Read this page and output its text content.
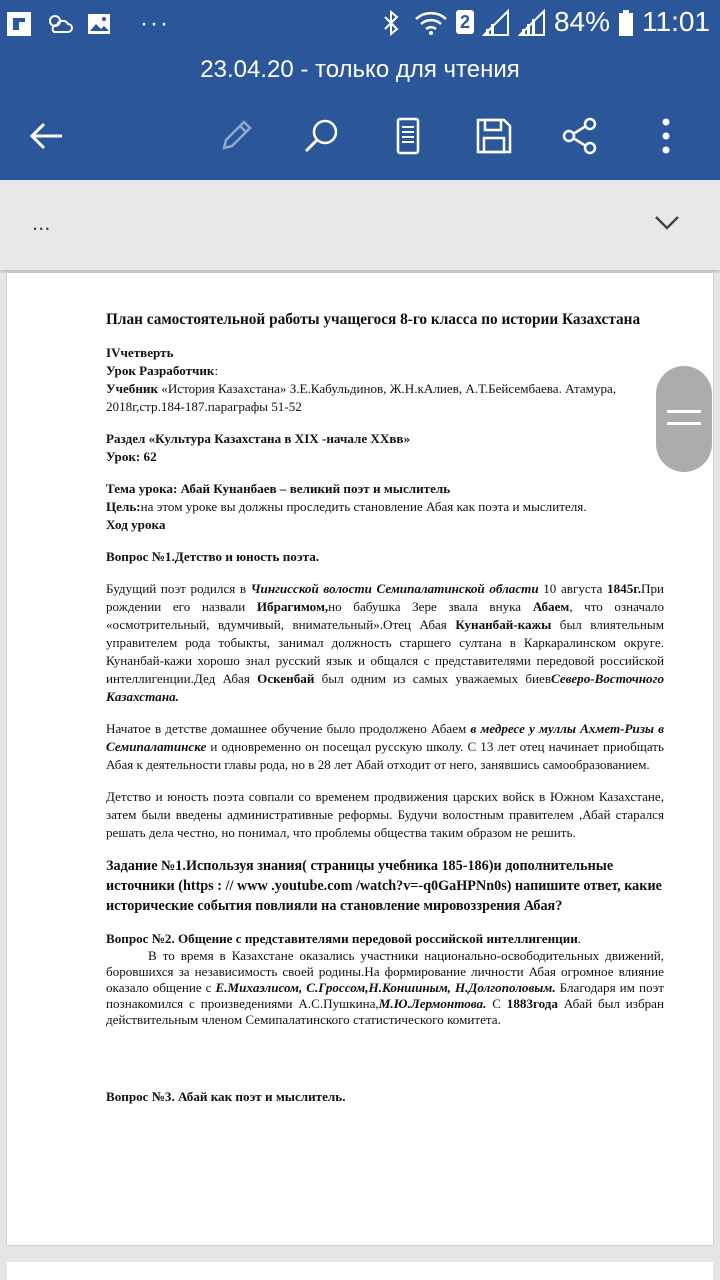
···	2	84% 11:01
23.04.20 - только для чтения
...

План самостоятельной работы учащегося 8-го класса по истории Казахстана

IVчетверть

Урок Разработчик:

Учебник «История Казахстана» З.Е.Кабульдинов, Ж.Н.кАлиев, А.Т.Бейсембаева. Атамура, 2018г,стр.184-187.параграфы 51-52

Раздел «Культура Казахстана в XIX -начале XXвв»

Урок: 62

Тема урока: Абай Кунанбаев – великий поэт и мыслитель

Цель:на этом уроке вы должны проследить становление Абая как поэта и мыслителя.

Ход урока

Вопрос №1.Детство и юность поэта.

Будущий поэт родился в Чингисской волости Семипалатинской области 10 августа 1845г.При рождении его назвали Ибрагимом,но бабушка Зере звала внука Абаем, что означало «осмотрительный, вдумчивый, внимательный».Отец Абая Кунанбай-кажы был влиятельным управителем рода тобыкты, занимал должность старшего султана в Каркаралинском округе. Кунанбай-кажи хорошо знал русский язык и общался с представителями передовой российской интеллигенции.Дед Абая Оскенбай был одним из самых уважаемых биевСеверо-Восточного Казахстана.

Начатое в детстве домашнее обучение было продолжено Абаем в медресе у муллы Ахмет-Ризы в Семипалатинске и одновременно он посещал русскую школу. С 13 лет отец начинает приобщать Абая к деятельности главы рода, но в 28 лет Абай отходит от него, занявшись самообразованием.

Детство и юность поэта совпали со временем продвижения царских войск в Южном Казахстане, затем были введены административные реформы. Будучи волостным правителем ,Абай старался решать дела честно, но понимал, что проблемы общества таким образом не решить.

Задание №1.Используя знания( страницы учебника 185-186)и дополнительные источники (https : // www .youtube.com /watch?v=-q0GaHPNn0s) напишите ответ, какие исторические события повлияли на становление мировоззрения Абая?

Вопрос №2. Общение с представителями передовой российской интеллигенции.

В то время в Казахстане оказались участники национально-освободительных движений, боровшихся за независимость своей родины.На формирование личности Абая огромное влияние оказало общение с Е.Михаэлисом, С.Гроссом,Н.Коншиным, Н.Долгополовым. Благодаря им поэт познакомился с произведениями А.С.Пушкина,М.Ю.Лермонтова. С 1883года Абай был избран действительным членом Семипалатинского статистического комитета.

Вопрос №3. Абай как поэт и мыслитель.
